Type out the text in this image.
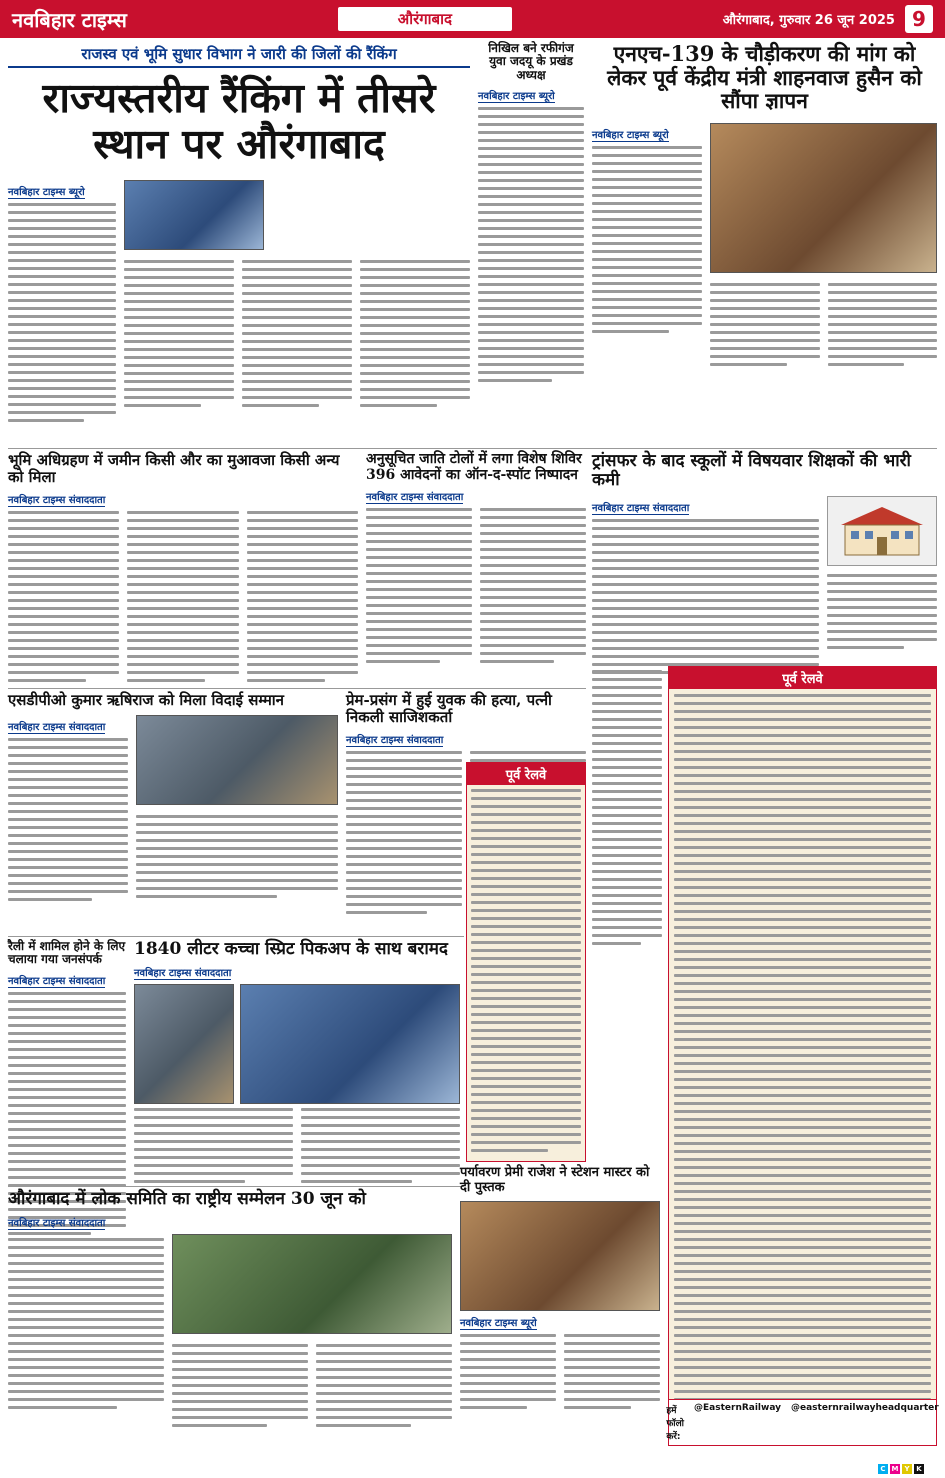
नवबिहार टाइम्स	औरंगाबाद	औरंगाबाद, गुरुवार 26 जून 2025 9
राजस्व एवं भूमि सुधार विभाग ने जारी की जिलों की रैंकिंग
राज्यस्तरीय रैंकिंग में तीसरे स्थान पर औरंगाबाद
नवबिहार टाइम्स ब्यूरो
निखिल बने रफीगंज युवा जदयू के प्रखंड अध्यक्ष
नवबिहार टाइम्स ब्यूरो
एनएच-139 के चौड़ीकरण की मांग को लेकर पूर्व केंद्रीय मंत्री शाहनवाज हुसैन को सौंपा ज्ञापन
नवबिहार टाइम्स ब्यूरो
भूमि अधिग्रहण में जमीन किसी और का मुआवजा किसी अन्य को मिला
नवबिहार टाइम्स संवाददाता
अनुसूचित जाति टोलों में लगा विशेष शिविर 396 आवेदनों का ऑन-द-स्पॉट निष्पादन
नवबिहार टाइम्स संवाददाता
ट्रांसफर के बाद स्कूलों में विषयवार शिक्षकों की भारी कमी
नवबिहार टाइम्स संवाददाता
एसडीपीओ कुमार ऋषिराज को मिला विदाई सम्मान
नवबिहार टाइम्स संवाददाता
प्रेम-प्रसंग में हुई युवक की हत्या, पत्नी निकली साजिशकर्ता
नवबिहार टाइम्स संवाददाता
पूर्व रेलवे
पूर्व रेलवे
हमें फॉलो करें:
@EasternRailway @easternrailwayheadquarter
रैली में शामिल होने के लिए चलाया गया जनसंपर्क
नवबिहार टाइम्स संवाददाता
1840 लीटर कच्चा स्प्रिट पिकअप के साथ बरामद
नवबिहार टाइम्स संवाददाता
औरंगाबाद में लोक समिति का राष्ट्रीय सम्मेलन 30 जून को
नवबिहार टाइम्स संवाददाता
पर्यावरण प्रेमी राजेश ने स्टेशन मास्टर को दी पुस्तक
नवबिहार टाइम्स ब्यूरो
C M Y K
